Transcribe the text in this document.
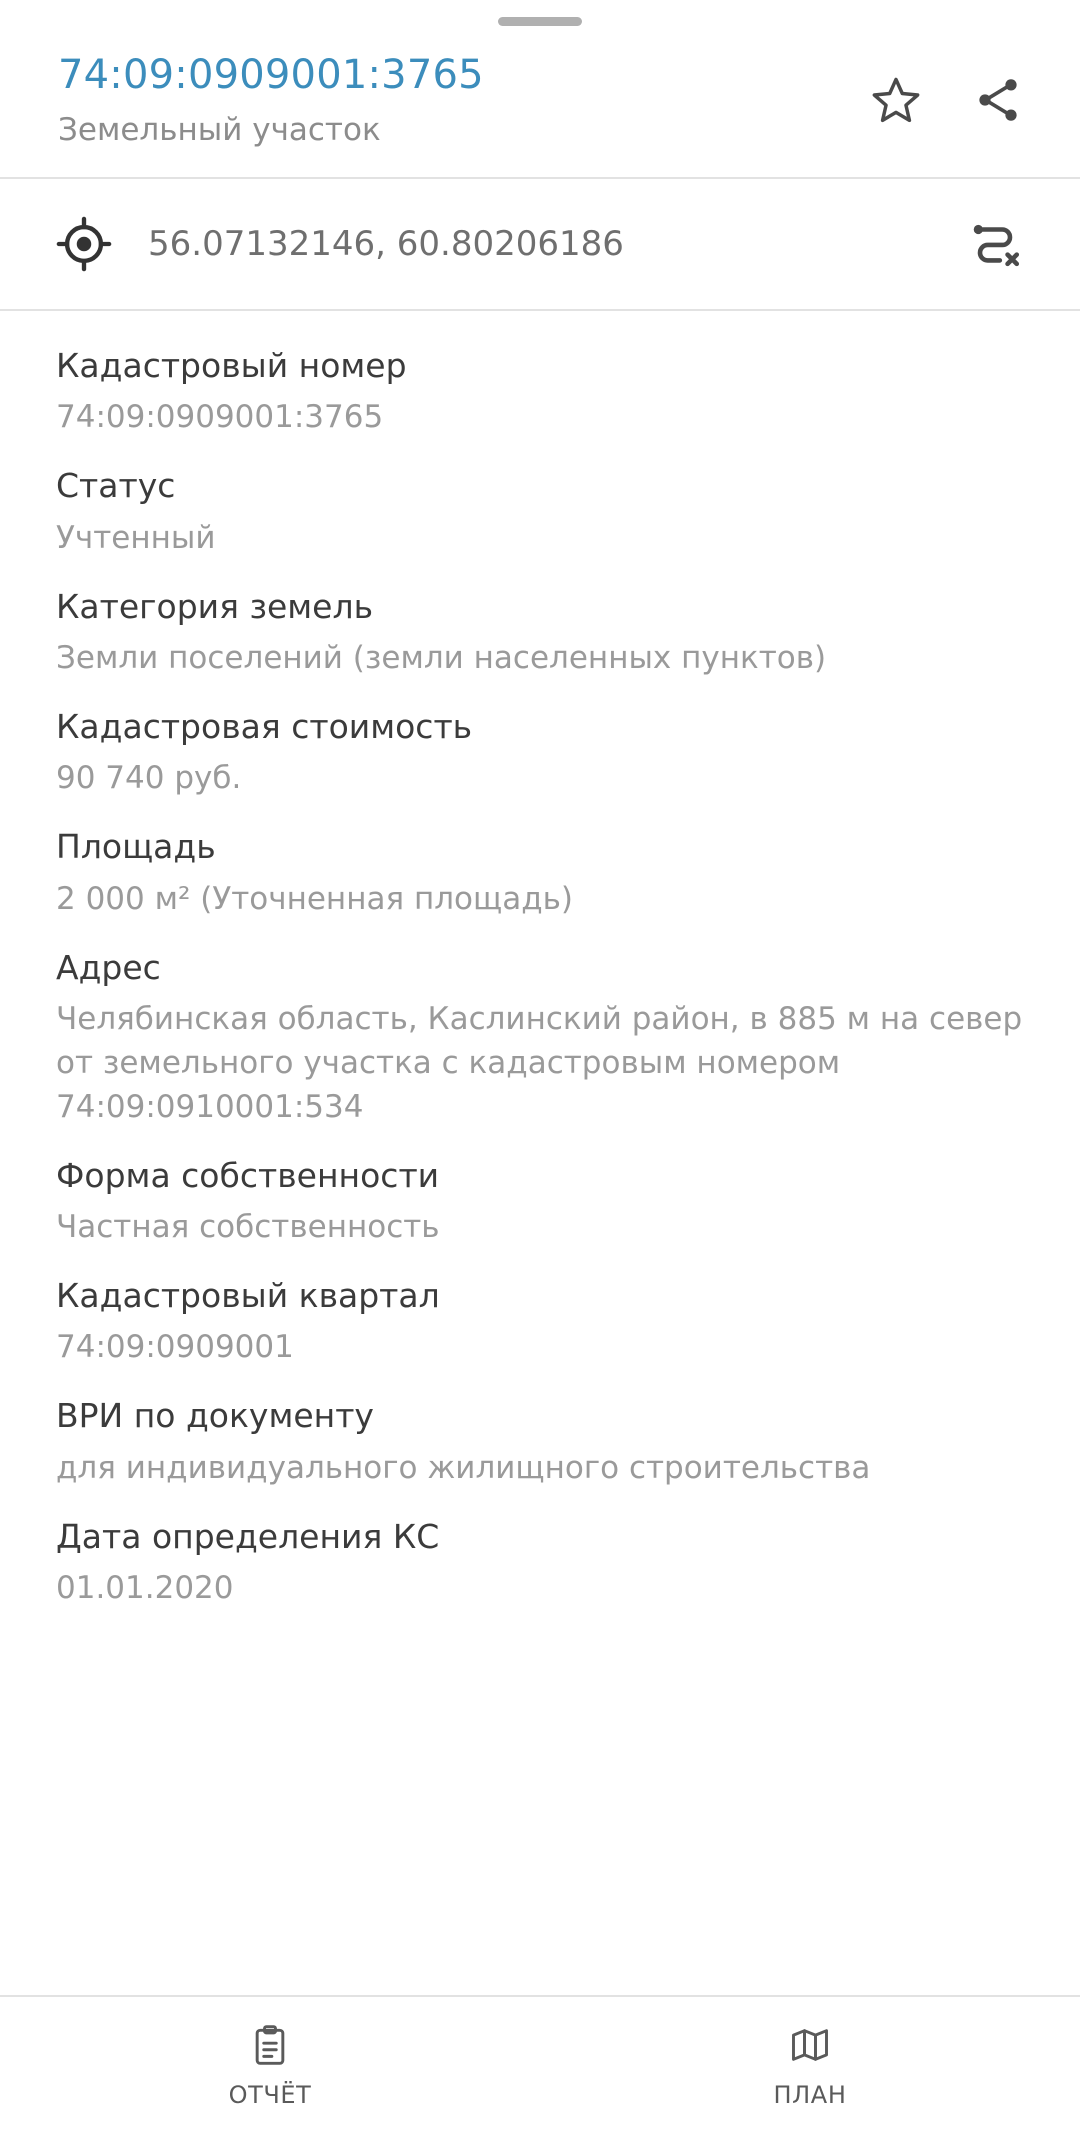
74:09:0909001:3765
Земельный участок
56.07132146, 60.80206186
Кадастровый номер
74:09:0909001:3765
Статус
Учтенный
Категория земель
Земли поселений (земли населенных пунктов)
Кадастровая стоимость
90 740 руб.
Площадь
2 000 м² (Уточненная площадь)
Адрес
Челябинская область, Каслинский район, в 885 м на север от земельного участка с кадастровым номером 74:09:0910001:534
Форма собственности
Частная собственность
Кадастровый квартал
74:09:0909001
ВРИ по документу
для индивидуального жилищного строительства
Дата определения КС
01.01.2020
ОТЧЁТ	ПЛАН
